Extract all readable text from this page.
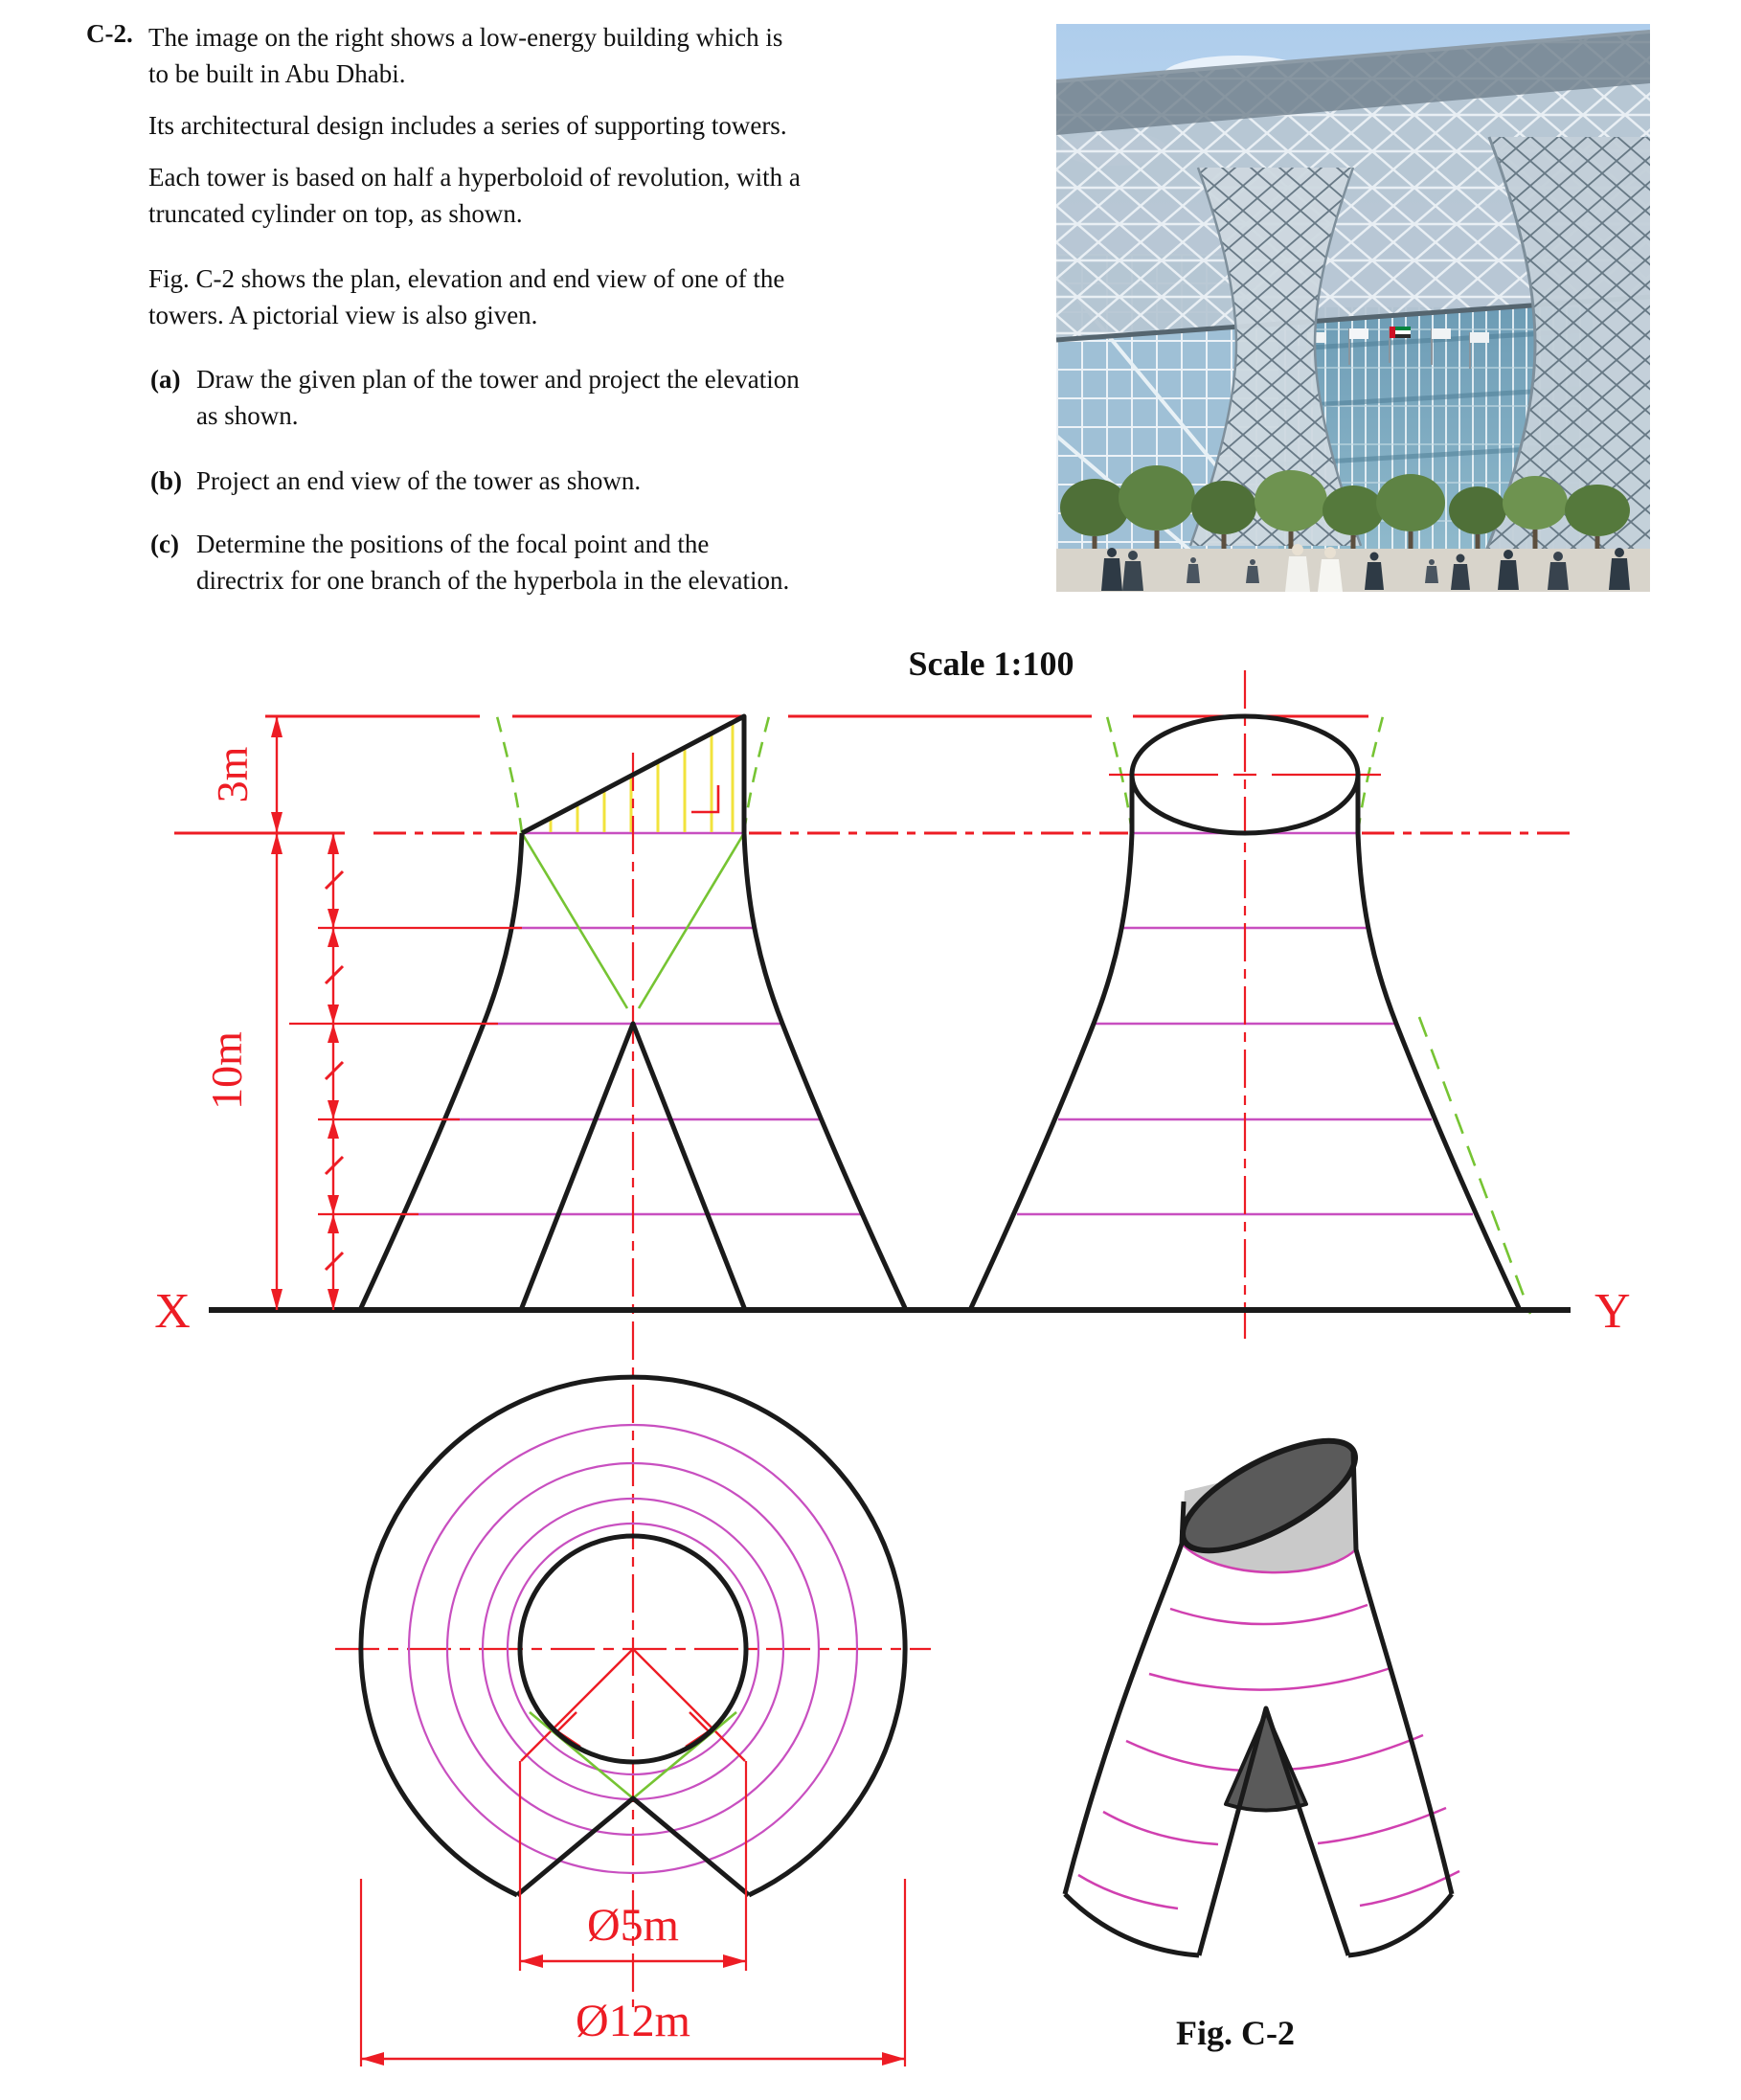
C-2. The image on the right shows a low-energy building which is
to be built in Abu Dhabi.
Its architectural design includes a series of supporting towers.
Each tower is based on half a hyperboloid of revolution, with a
truncated cylinder on top, as shown.
Fig. C-2 shows the plan, elevation and end view of one of the
towers. A pictorial view is also given.
(a) Draw the given plan of the tower and project the elevation
as shown.
(b) Project an end view of the tower as shown.
(c) Determine the positions of the focal point and the
directrix for one branch of the hyperbola in the elevation.
Scale 1:100
X	Y
3m
10m
Ø5m
Ø12m	Fig. C-2
